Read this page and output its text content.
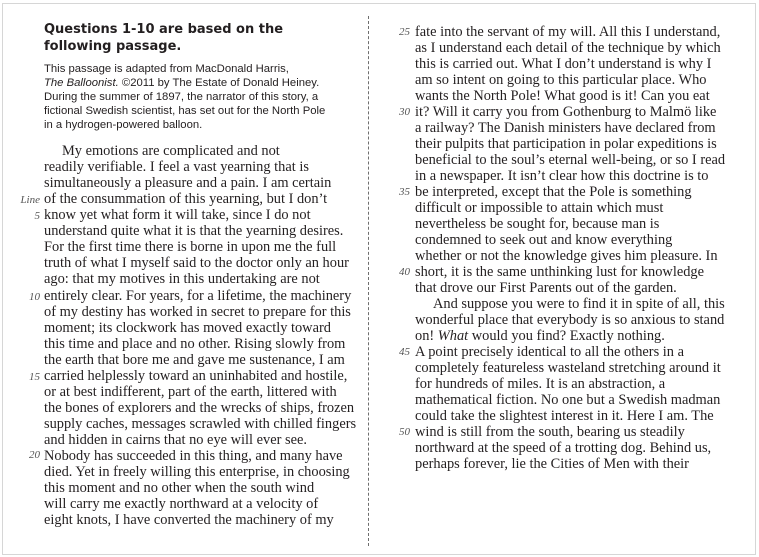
Questions 1-10 are based on the following passage.

This passage is adapted from MacDonald Harris,

The Balloonist. ©2011 by The Estate of Donald Heiney.

During the summer of 1897, the narrator of this story, a

fictional Swedish scientist, has set out for the North Pole

in a hydrogen-powered balloon.

Line
5
10
15
20
My emotions are complicated and not
readily verifiable. I feel a vast yearning that is
simultaneously a pleasure and a pain. I am certain
of the consummation of this yearning, but I don’t
know yet what form it will take, since I do not
understand quite what it is that the yearning desires.
For the first time there is borne in upon me the full
truth of what I myself said to the doctor only an hour
ago: that my motives in this undertaking are not
entirely clear. For years, for a lifetime, the machinery
of my destiny has worked in secret to prepare for this
moment; its clockwork has moved exactly toward
this time and place and no other. Rising slowly from
the earth that bore me and gave me sustenance, I am
carried helplessly toward an uninhabited and hostile,
or at best indifferent, part of the earth, littered with
the bones of explorers and the wrecks of ships, frozen
supply caches, messages scrawled with chilled fingers
and hidden in cairns that no eye will ever see.
Nobody has succeeded in this thing, and many have
died. Yet in freely willing this enterprise, in choosing
this moment and no other when the south wind
will carry me exactly northward at a velocity of
eight knots, I have converted the machinery of my
25
30
35
40
45
50
fate into the servant of my will. All this I understand,
as I understand each detail of the technique by which
this is carried out. What I don’t understand is why I
am so intent on going to this particular place. Who
wants the North Pole! What good is it! Can you eat
it? Will it carry you from Gothenburg to Malmö like
a railway? The Danish ministers have declared from
their pulpits that participation in polar expeditions is
beneficial to the soul’s eternal well-being, or so I read
in a newspaper. It isn’t clear how this doctrine is to
be interpreted, except that the Pole is something
difficult or impossible to attain which must
nevertheless be sought for, because man is
condemned to seek out and know everything
whether or not the knowledge gives him pleasure. In
short, it is the same unthinking lust for knowledge
that drove our First Parents out of the garden.
And suppose you were to find it in spite of all, this
wonderful place that everybody is so anxious to stand
on! What would you find? Exactly nothing.
A point precisely identical to all the others in a
completely featureless wasteland stretching around it
for hundreds of miles. It is an abstraction, a
mathematical fiction. No one but a Swedish madman
could take the slightest interest in it. Here I am. The
wind is still from the south, bearing us steadily
northward at the speed of a trotting dog. Behind us,
perhaps forever, lie the Cities of Men with their
